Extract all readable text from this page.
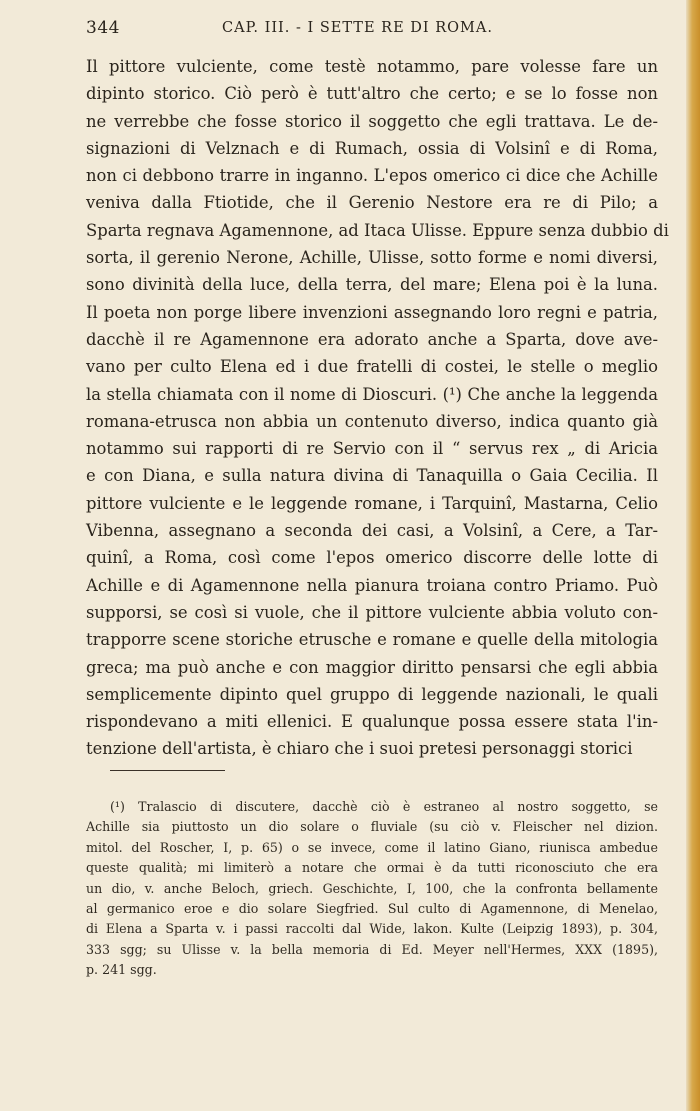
344	CAP. III. - I SETTE RE DI ROMA.
Il pittore vulciente, come testè notammo, pare volesse fare un
dipinto storico. Ciò però è tutt'altro che certo; e se lo fosse non
ne verrebbe che fosse storico il soggetto che egli trattava. Le de-
signazioni di Velznach e di Rumach, ossia di Volsinî e di Roma,
non ci debbono trarre in inganno. L'epos omerico ci dice che Achille
veniva dalla Ftiotide, che il Gerenio Nestore era re di Pilo; a
Sparta regnava Agamennone, ad Itaca Ulisse. Eppure senza dubbio di
sorta, il gerenio Nerone, Achille, Ulisse, sotto forme e nomi diversi,
sono divinità della luce, della terra, del mare; Elena poi è la luna.
Il poeta non porge libere invenzioni assegnando loro regni e patria,
dacchè il re Agamennone era adorato anche a Sparta, dove ave-
vano per culto Elena ed i due fratelli di costei, le stelle o meglio
la stella chiamata con il nome di Dioscuri. (¹) Che anche la leggenda
romana-etrusca non abbia un contenuto diverso, indica quanto già
notammo sui rapporti di re Servio con il “ servus rex „ di Aricia
e con Diana, e sulla natura divina di Tanaquilla o Gaia Cecilia. Il
pittore vulciente e le leggende romane, i Tarquinî, Mastarna, Celio
Vibenna, assegnano a seconda dei casi, a Volsinî, a Cere, a Tar-
quinî, a Roma, così come l'epos omerico discorre delle lotte di
Achille e di Agamennone nella pianura troiana contro Priamo. Può
supporsi, se così si vuole, che il pittore vulciente abbia voluto con-
trapporre scene storiche etrusche e romane e quelle della mitologia
greca; ma può anche e con maggior diritto pensarsi che egli abbia
semplicemente dipinto quel gruppo di leggende nazionali, le quali
rispondevano a miti ellenici. E qualunque possa essere stata l'in-
tenzione dell'artista, è chiaro che i suoi pretesi personaggi storici
(¹) Tralascio di discutere, dacchè ciò è estraneo al nostro soggetto, se
Achille sia piuttosto un dio solare o fluviale (su ciò v. Fleischer nel dizion.
mitol. del Roscher, I, p. 65) o se invece, come il latino Giano, riunisca ambedue
queste qualità; mi limiterò a notare che ormai è da tutti riconosciuto che era
un dio, v. anche Beloch, griech. Geschichte, I, 100, che la confronta bellamente
al germanico eroe e dio solare Siegfried. Sul culto di Agamennone, di Menelao,
di Elena a Sparta v. i passi raccolti dal Wide, lakon. Kulte (Leipzig 1893), p. 304,
333 sgg; su Ulisse v. la bella memoria di Ed. Meyer nell'Hermes, XXX (1895),
p. 241 sgg.
